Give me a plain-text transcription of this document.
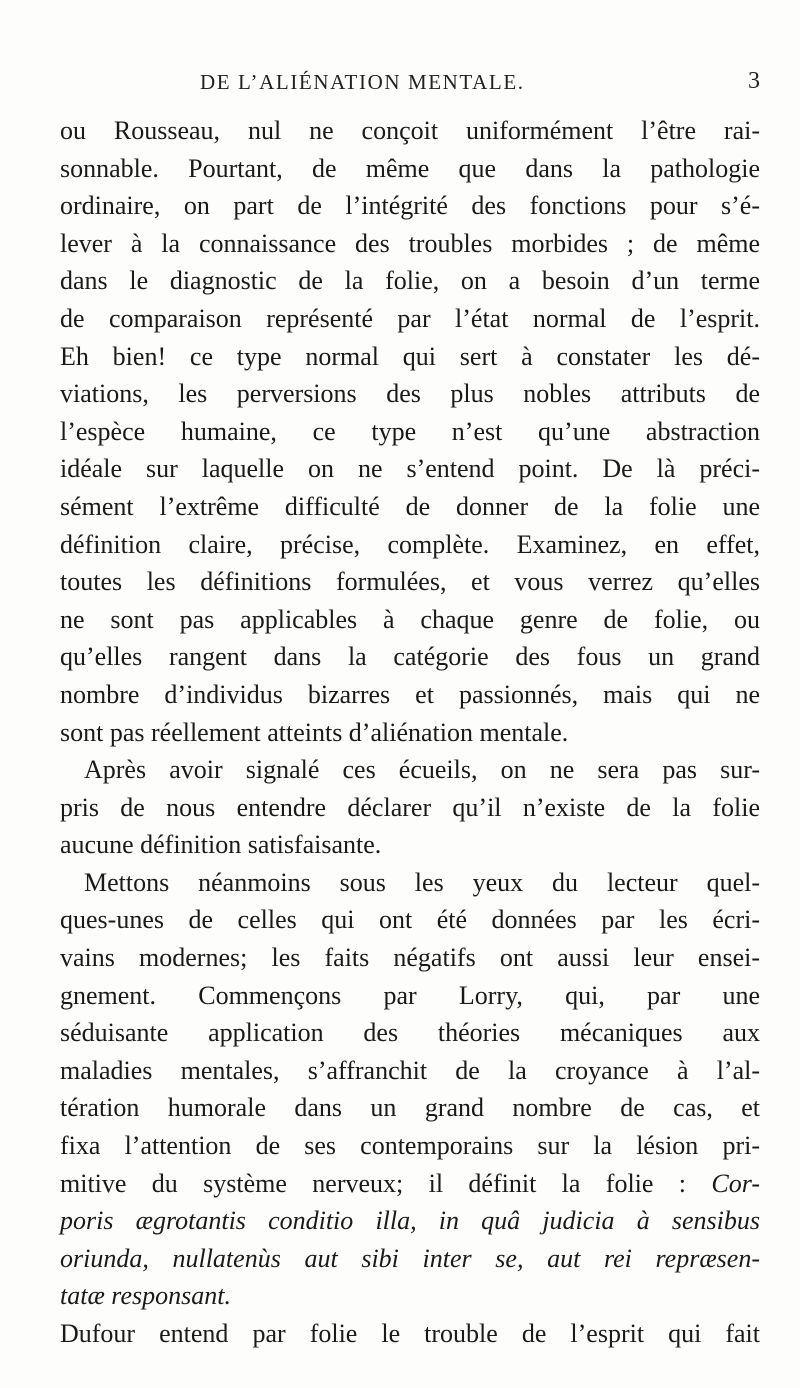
DE L’ALIÉNATION MENTALE.	3
ou Rousseau, nul ne conçoit uniformément l’être rai-
sonnable. Pourtant, de même que dans la pathologie
ordinaire, on part de l’intégrité des fonctions pour s’é-
lever à la connaissance des troubles morbides ; de même
dans le diagnostic de la folie, on a besoin d’un terme
de comparaison représenté par l’état normal de l’esprit.
Eh bien! ce type normal qui sert à constater les dé-
viations, les perversions des plus nobles attributs de
l’espèce humaine, ce type n’est qu’une abstraction
idéale sur laquelle on ne s’entend point. De là préci-
sément l’extrême difficulté de donner de la folie une
définition claire, précise, complète. Examinez, en effet,
toutes les définitions formulées, et vous verrez qu’elles
ne sont pas applicables à chaque genre de folie, ou
qu’elles rangent dans la catégorie des fous un grand
nombre d’individus bizarres et passionnés, mais qui ne
sont pas réellement atteints d’aliénation mentale.
Après avoir signalé ces écueils, on ne sera pas sur-
pris de nous entendre déclarer qu’il n’existe de la folie
aucune définition satisfaisante.
Mettons néanmoins sous les yeux du lecteur quel-
ques-unes de celles qui ont été données par les écri-
vains modernes; les faits négatifs ont aussi leur ensei-
gnement. Commençons par Lorry, qui, par une
séduisante application des théories mécaniques aux
maladies mentales, s’affranchit de la croyance à l’al-
tération humorale dans un grand nombre de cas, et
fixa l’attention de ses contemporains sur la lésion pri-
mitive du système nerveux; il définit la folie : Cor-
poris ægrotantis conditio illa, in quâ judicia à sensibus
oriunda, nullatenùs aut sibi inter se, aut rei repræsen-
tatæ responsant.
Dufour entend par folie le trouble de l’esprit qui fait
